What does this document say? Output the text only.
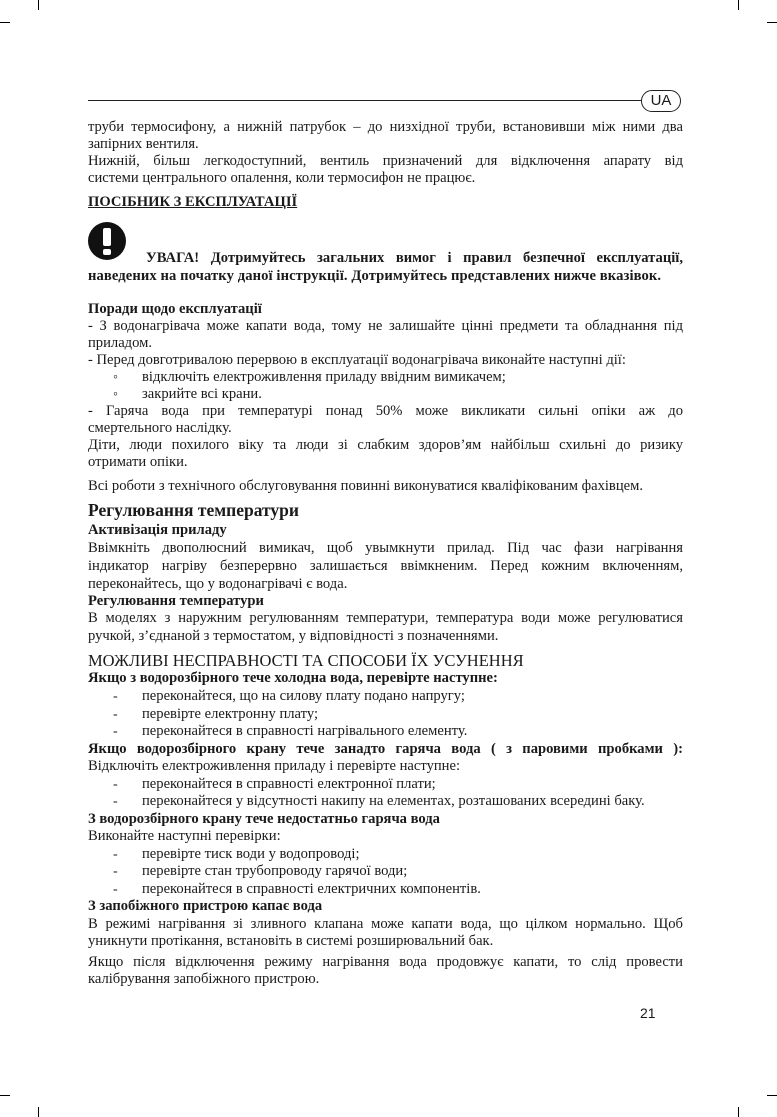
UA
труби термосифону, а нижній патрубок – до низхідної труби, встановивши між ними два
запірних вентиля.
Нижній, більш легкодоступний, вентиль призначений для відключення апарату від
системи центрального опалення, коли термосифон не працює.
ПОСІБНИК З ЕКСПЛУАТАЦІЇ
УВАГА! Дотримуйтесь загальних вимог і правил безпечної експлуатації,
наведених на початку даної інструкції. Дотримуйтесь представлених нижче вказівок.
Поради щодо експлуатації
- З водонагрівача може капати вода, тому не залишайте цінні предмети та обладнання під
приладом.
- Перед довготривалою перервою в експлуатації водонагрівача виконайте наступні дії:
◦ відключіть електроживлення приладу ввідним вимикачем;
◦ закрийте всі крани.
- Гаряча вода при температурі понад 50% може викликати сильні опіки аж до
смертельного наслідку.
Діти, люди похилого віку та люди зі слабким здоров’ям найбільш схильні до ризику
отримати опіки.
Всі роботи з технічного обслуговування повинні виконуватися кваліфікованим фахівцем.
Регулювання температури
Активізація приладу
Ввімкніть двополюсний вимикач, щоб увымкнути прилад. Під час фази нагрівання
індикатор нагріву безперервно залишається ввімкненим. Перед кожним включенням,
переконайтесь, що у водонагрівачі є вода.
Регулювання температури
В моделях з наружним регулюванням температури, температура води може регулюватися
ручкой, з’єднаной з термостатом, у відповідності з позначеннями.
МОЖЛИВІ НЕСПРАВНОСТІ ТА СПОСОБИ ЇХ УСУНЕННЯ
Якщо з водорозбірного тече холодна вода, перевірте наступне:
- переконайтеся, що на силову плату подано напругу;
- перевірте електронну плату;
- переконайтеся в справності нагрівального елементу.
Якщо водорозбірного крану тече занадто гаряча вода ( з паровими пробками ):
Відключіть електроживлення приладу і перевірте наступне:
- переконайтеся в справності електронної плати;
- переконайтеся у відсутності накипу на елементах, розташованих всередині баку.
З водорозбірного крану тече недостатньо гаряча вода
Виконайте наступні перевірки:
- перевірте тиск води у водопроводі;
- перевірте стан трубопроводу гарячої води;
- переконайтеся в справності електричних компонентів.
З запобіжного пристрою капає вода
В режимі нагрівання зі зливного клапана може капати вода, що цілком нормально. Щоб
уникнути протікання, встановіть в системі розширювальний бак.
Якщо після відключення режиму нагрівання вода продовжує капати, то слід провести
калібрування запобіжного пристрою.
21
